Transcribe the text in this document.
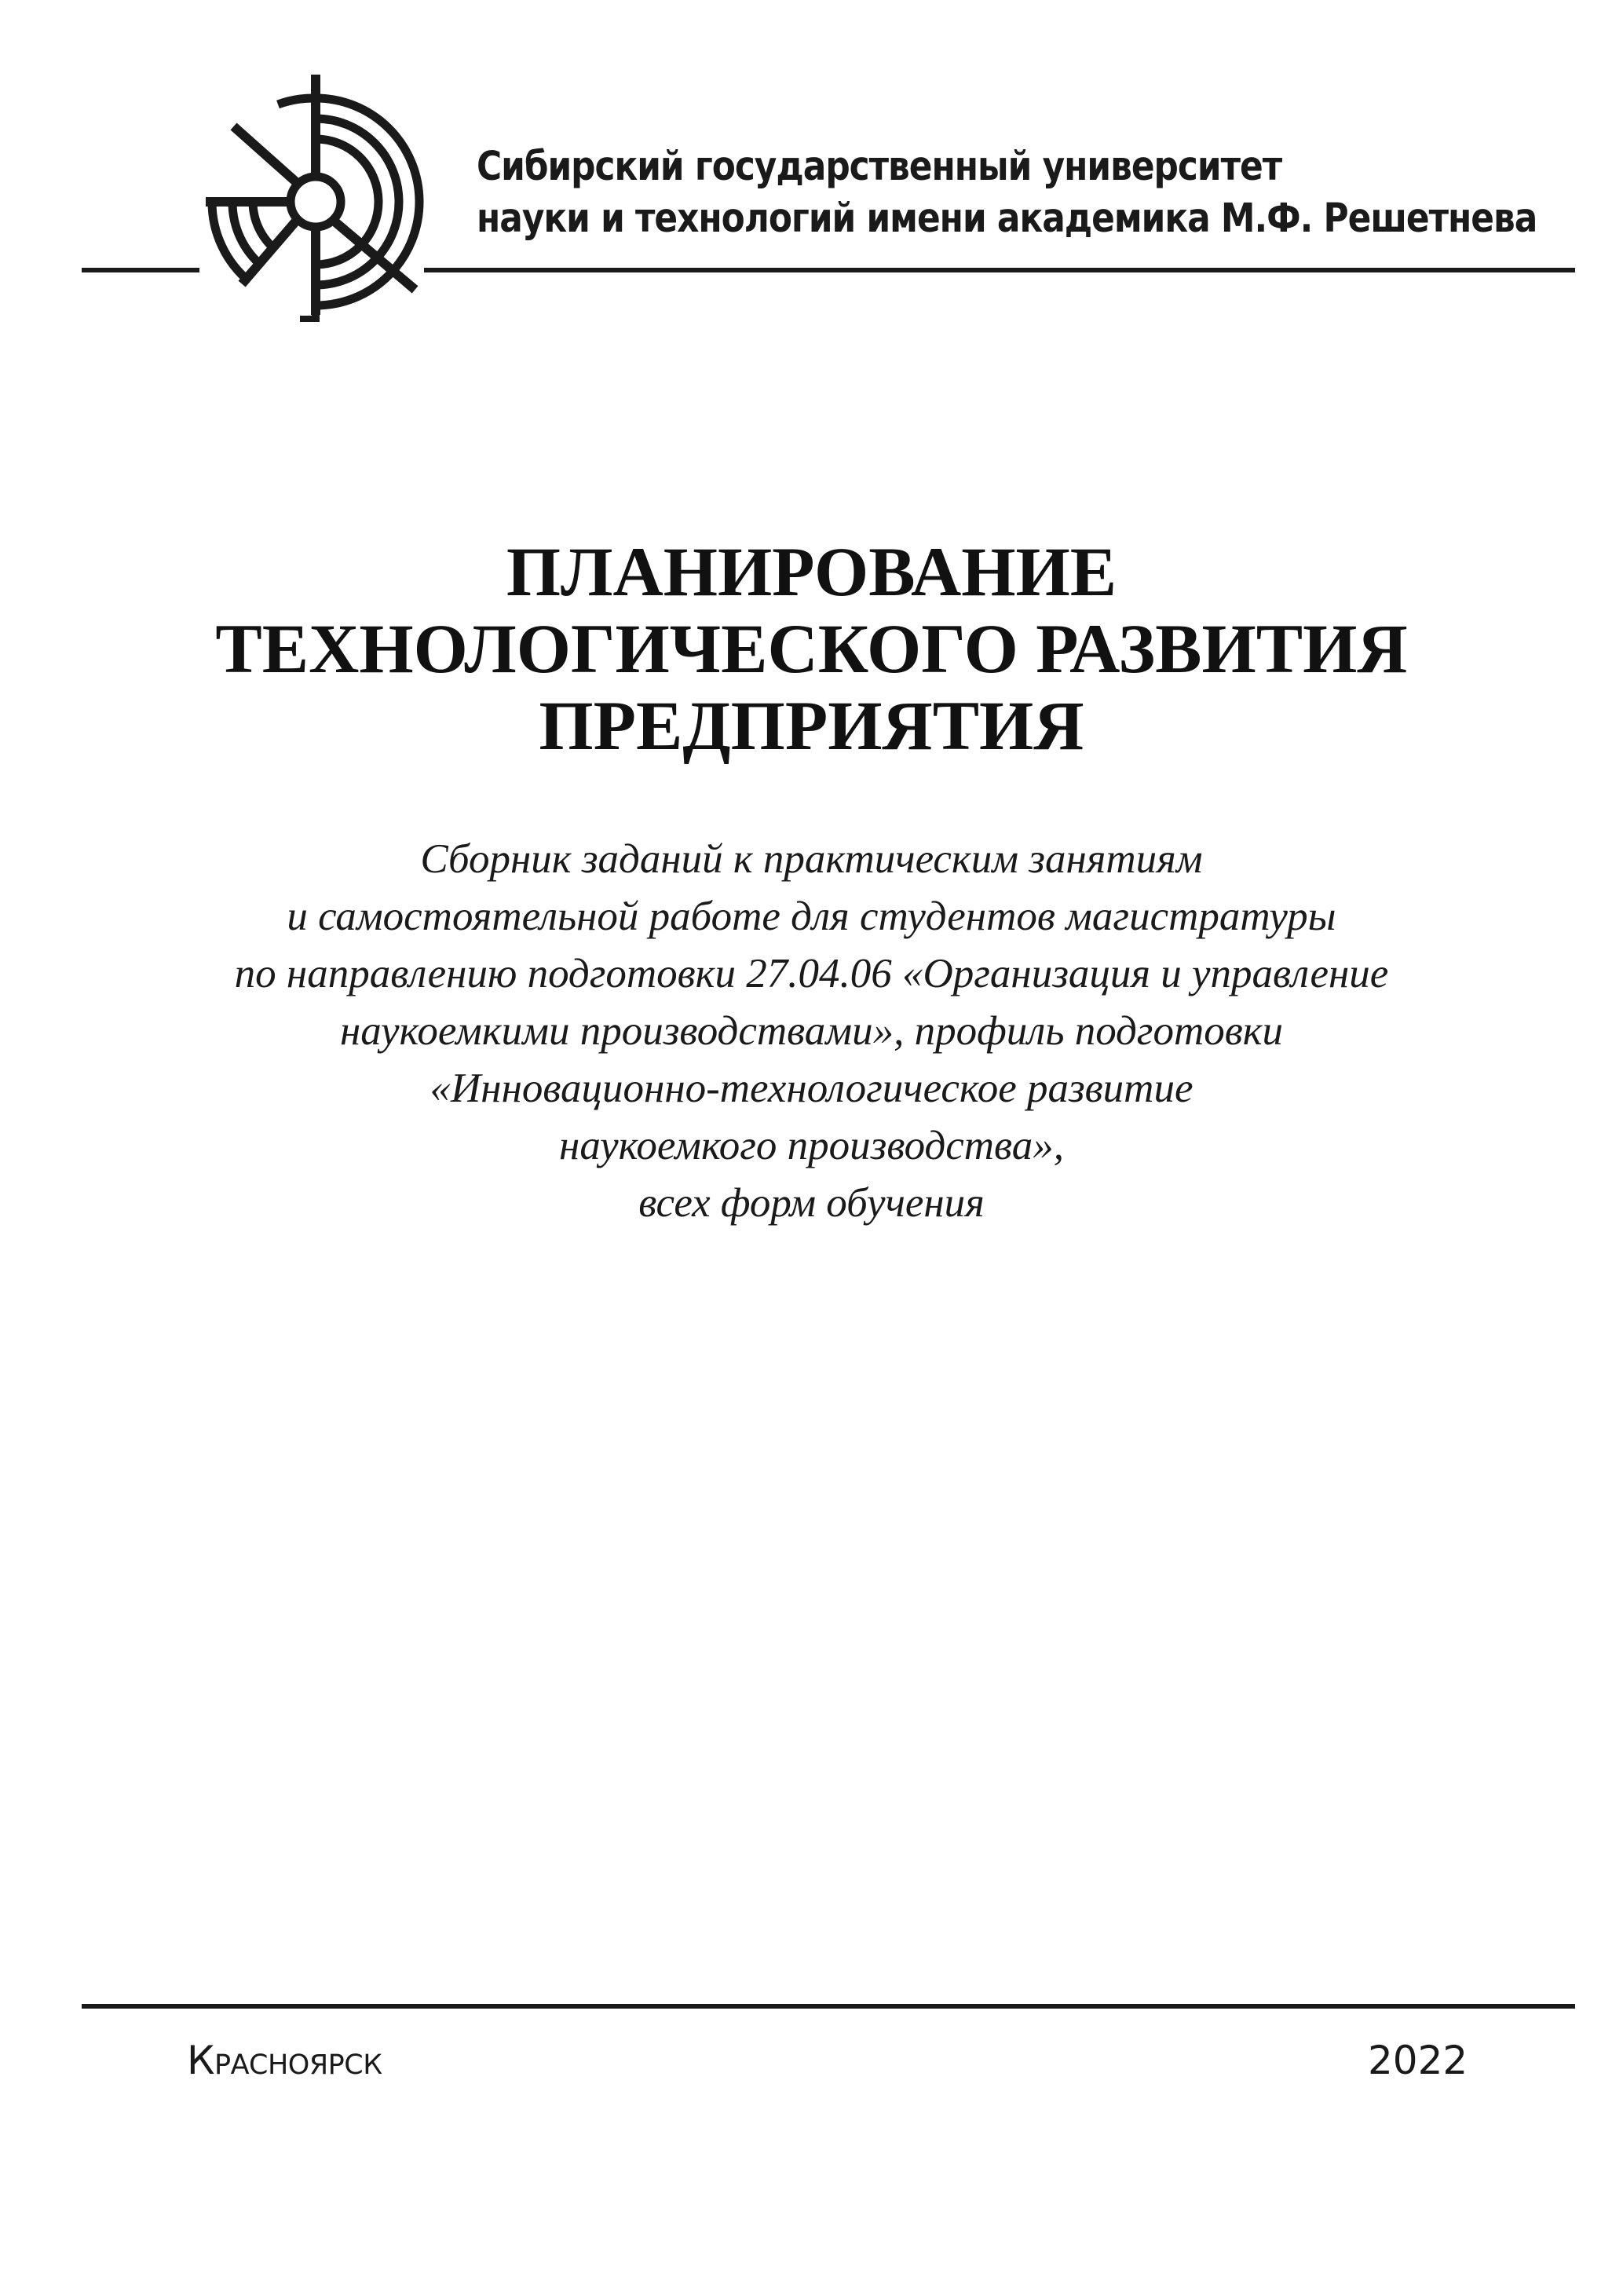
Сибирский государственный университет
науки и технологий имени академика М.Ф. Решетнева
ПЛАНИРОВАНИЕ
ТЕХНОЛОГИЧЕСКОГО РАЗВИТИЯ
ПРЕДПРИЯТИЯ
Сборник заданий к практическим занятиям
и самостоятельной работе для студентов магистратуры
по направлению подготовки 27.04.06 «Организация и управление
наукоемкими производствами», профиль подготовки
«Инновационно-технологическое развитие
наукоемкого производства»,
всех форм обучения
Красноярск	2022
